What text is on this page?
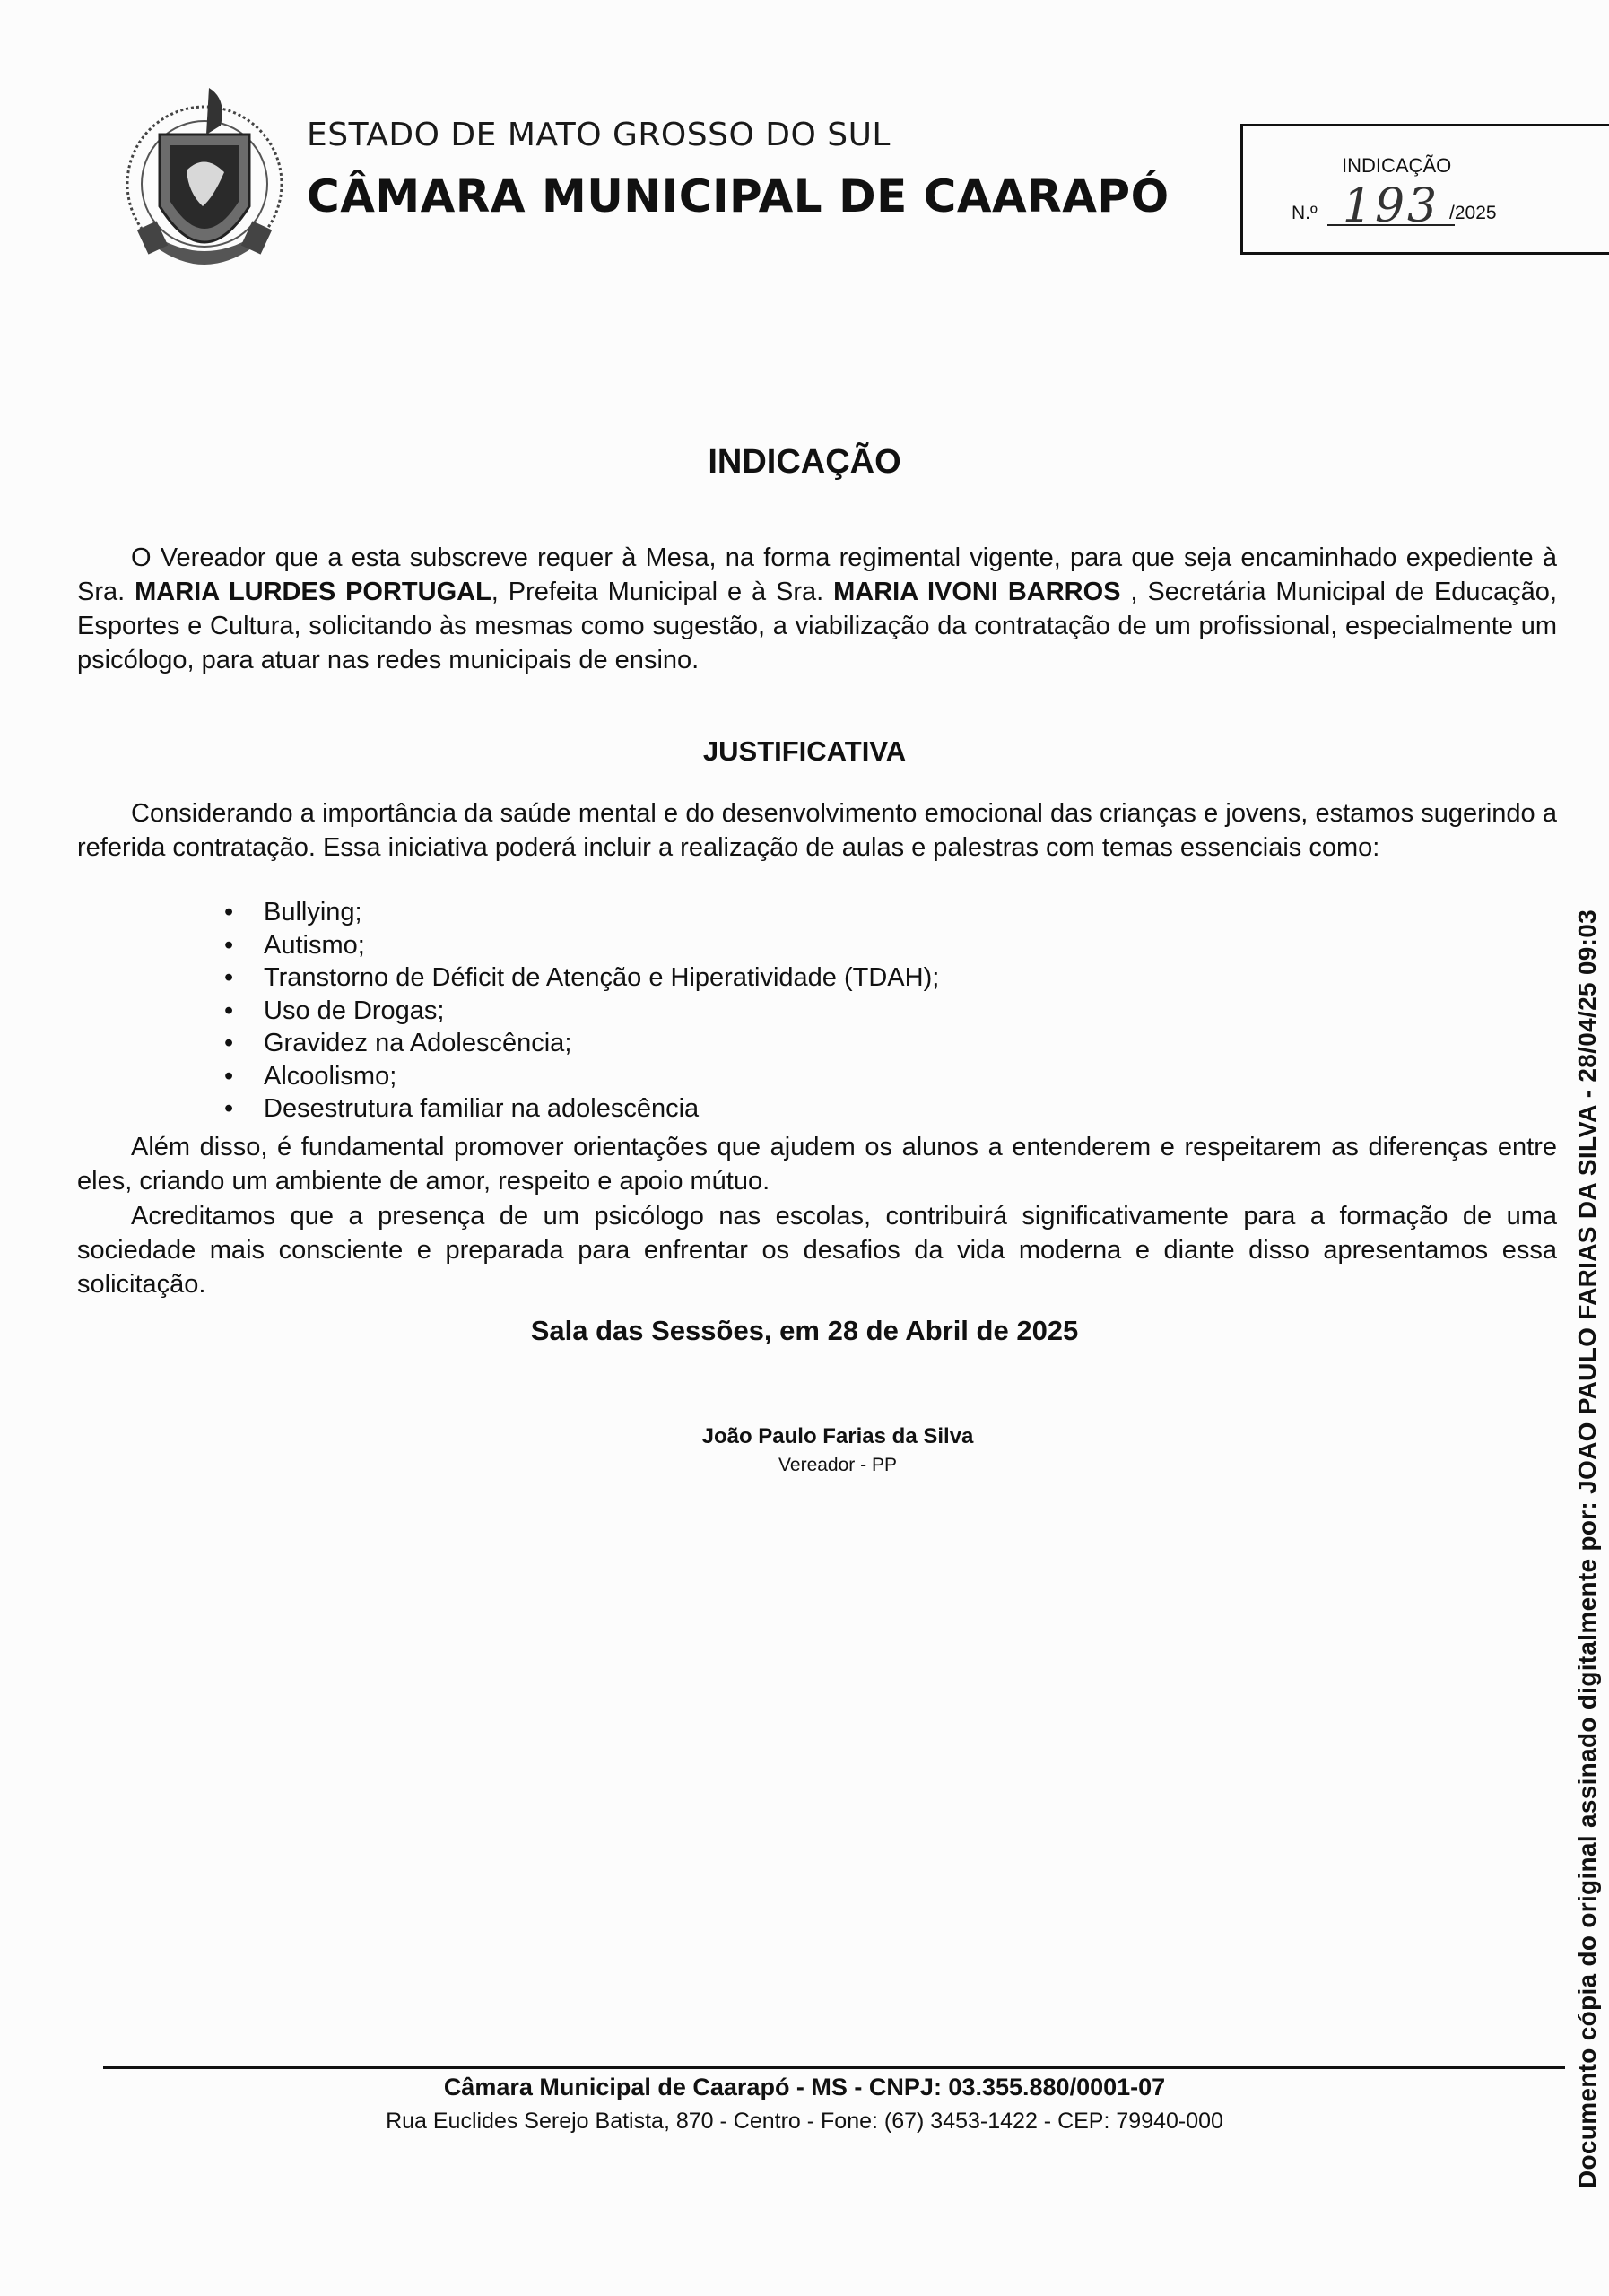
ESTADO DE MATO GROSSO DO SUL
CÂMARA MUNICIPAL DE CAARAPÓ
INDICAÇÃO
N.º 193 /2025
INDICAÇÃO
O Vereador que a esta subscreve requer à Mesa, na forma regimental vigente, para que seja encaminhado expediente à Sra. MARIA LURDES PORTUGAL, Prefeita Municipal e à Sra. MARIA IVONI BARROS , Secretária Municipal de Educação, Esportes e Cultura, solicitando às mesmas como sugestão, a viabilização da contratação de um profissional, especialmente um psicólogo, para atuar nas redes municipais de ensino.
JUSTIFICATIVA
Considerando a importância da saúde mental e do desenvolvimento emocional das crianças e jovens, estamos sugerindo a referida contratação. Essa iniciativa poderá incluir a realização de aulas e palestras com temas essenciais como:
• Bullying;
• Autismo;
• Transtorno de Déficit de Atenção e Hiperatividade (TDAH);
• Uso de Drogas;
• Gravidez na Adolescência;
• Alcoolismo;
• Desestrutura familiar na adolescência
Além disso, é fundamental promover orientações que ajudem os alunos a entenderem e respeitarem as diferenças entre eles, criando um ambiente de amor, respeito e apoio mútuo.
Acreditamos que a presença de um psicólogo nas escolas, contribuirá significativamente para a formação de uma sociedade mais consciente e preparada para enfrentar os desafios da vida moderna e diante disso apresentamos essa solicitação.
Sala das Sessões, em 28 de Abril de 2025
João Paulo Farias da Silva
Vereador - PP
Câmara Municipal de Caarapó - MS - CNPJ: 03.355.880/0001-07
Rua Euclides Serejo Batista, 870 - Centro - Fone: (67) 3453-1422 - CEP: 79940-000	Documento cópia do original assinado digitalmente por: JOAO PAULO FARIAS DA SILVA - 28/04/25 09:03
